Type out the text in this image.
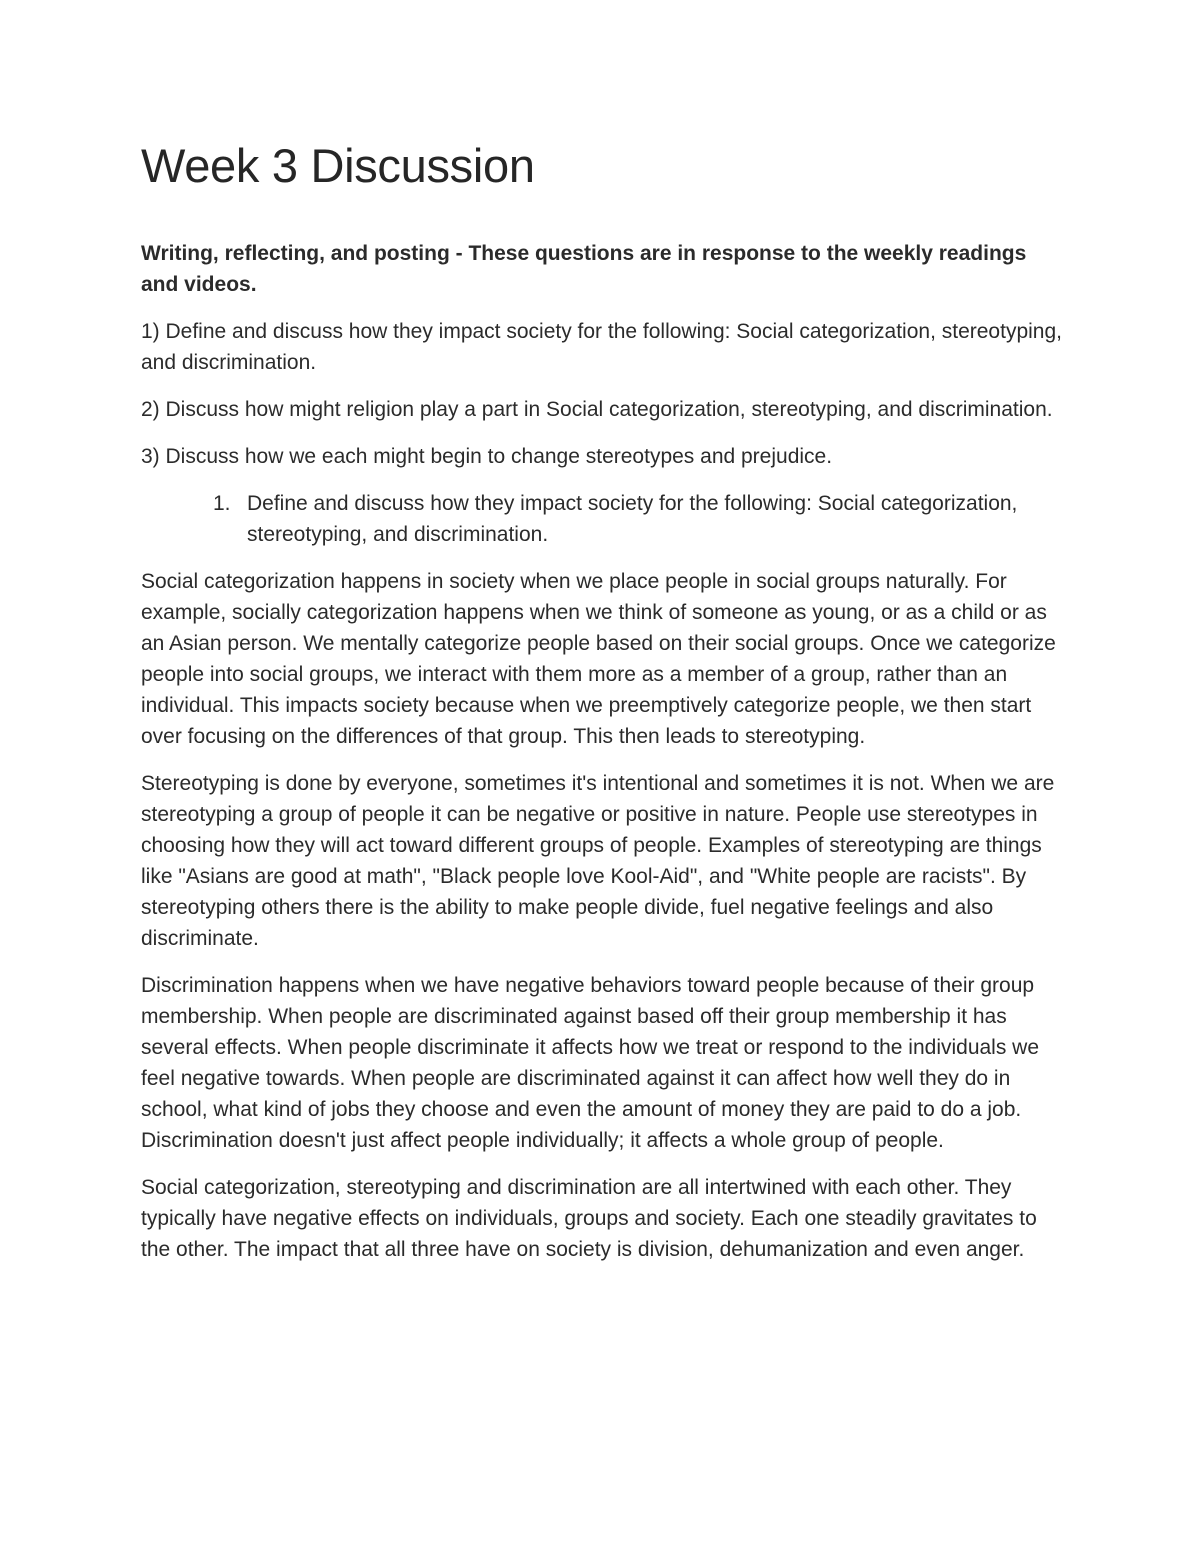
Week 3 Discussion

Writing, reflecting, and posting - These questions are in response to the weekly readings and videos.

1) Define and discuss how they impact society for the following: Social categorization, stereotyping, and discrimination.

2) Discuss how might religion play a part in Social categorization, stereotyping, and discrimination.

3) Discuss how we each might begin to change stereotypes and prejudice.

1. Define and discuss how they impact society for the following: Social categorization, stereotyping, and discrimination.

Social categorization happens in society when we place people in social groups naturally. For example, socially categorization happens when we think of someone as young, or as a child or as an Asian person. We mentally categorize people based on their social groups. Once we categorize people into social groups, we interact with them more as a member of a group, rather than an individual. This impacts society because when we preemptively categorize people, we then start over focusing on the differences of that group. This then leads to stereotyping.

Stereotyping is done by everyone, sometimes it's intentional and sometimes it is not. When we are stereotyping a group of people it can be negative or positive in nature. People use stereotypes in choosing how they will act toward different groups of people. Examples of stereotyping are things like "Asians are good at math", "Black people love Kool-Aid", and "White people are racists". By stereotyping others there is the ability to make people divide, fuel negative feelings and also discriminate.

Discrimination happens when we have negative behaviors toward people because of their group membership. When people are discriminated against based off their group membership it has several effects. When people discriminate it affects how we treat or respond to the individuals we feel negative towards. When people are discriminated against it can affect how well they do in school, what kind of jobs they choose and even the amount of money they are paid to do a job. Discrimination doesn't just affect people individually; it affects a whole group of people.

Social categorization, stereotyping and discrimination are all intertwined with each other. They typically have negative effects on individuals, groups and society. Each one steadily gravitates to the other. The impact that all three have on society is division, dehumanization and even anger.
